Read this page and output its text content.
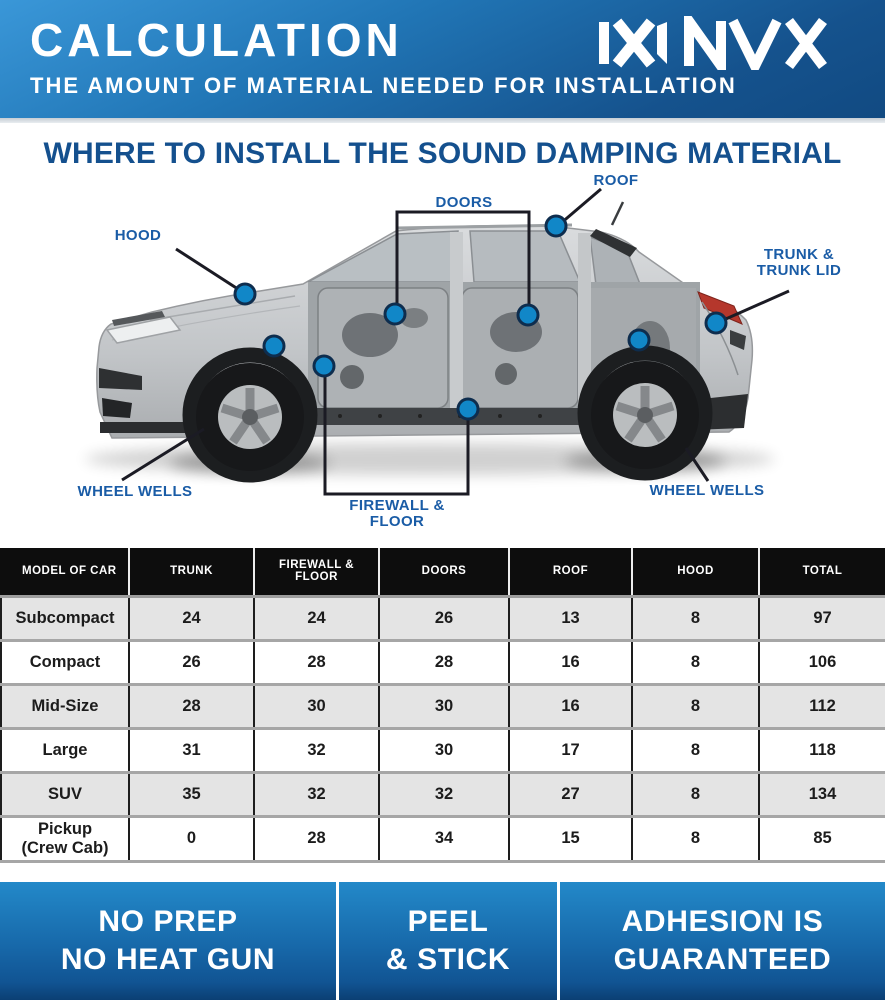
CALCULATION
THE AMOUNT OF MATERIAL NEEDED FOR INSTALLATION
WHERE TO INSTALL THE SOUND DAMPING MATERIAL
HOOD
DOORS
ROOF
TRUNK &
TRUNK LID
WHEEL WELLS
FIREWALL &
FLOOR
WHEEL WELLS
MODEL OF CAR	TRUNK	FIREWALL & FLOOR	DOORS	ROOF	HOOD	TOTAL
Subcompact	24	24	26	13	8	97
Compact	26	28	28	16	8	106
Mid-Size	28	30	30	16	8	112
Large	31	32	30	17	8	118
SUV	35	32	32	27	8	134
Pickup
(Crew Cab)	0	28	34	15	8	85
NO PREP
NO HEAT GUN
PEEL
& STICK
ADHESION IS
GUARANTEED
